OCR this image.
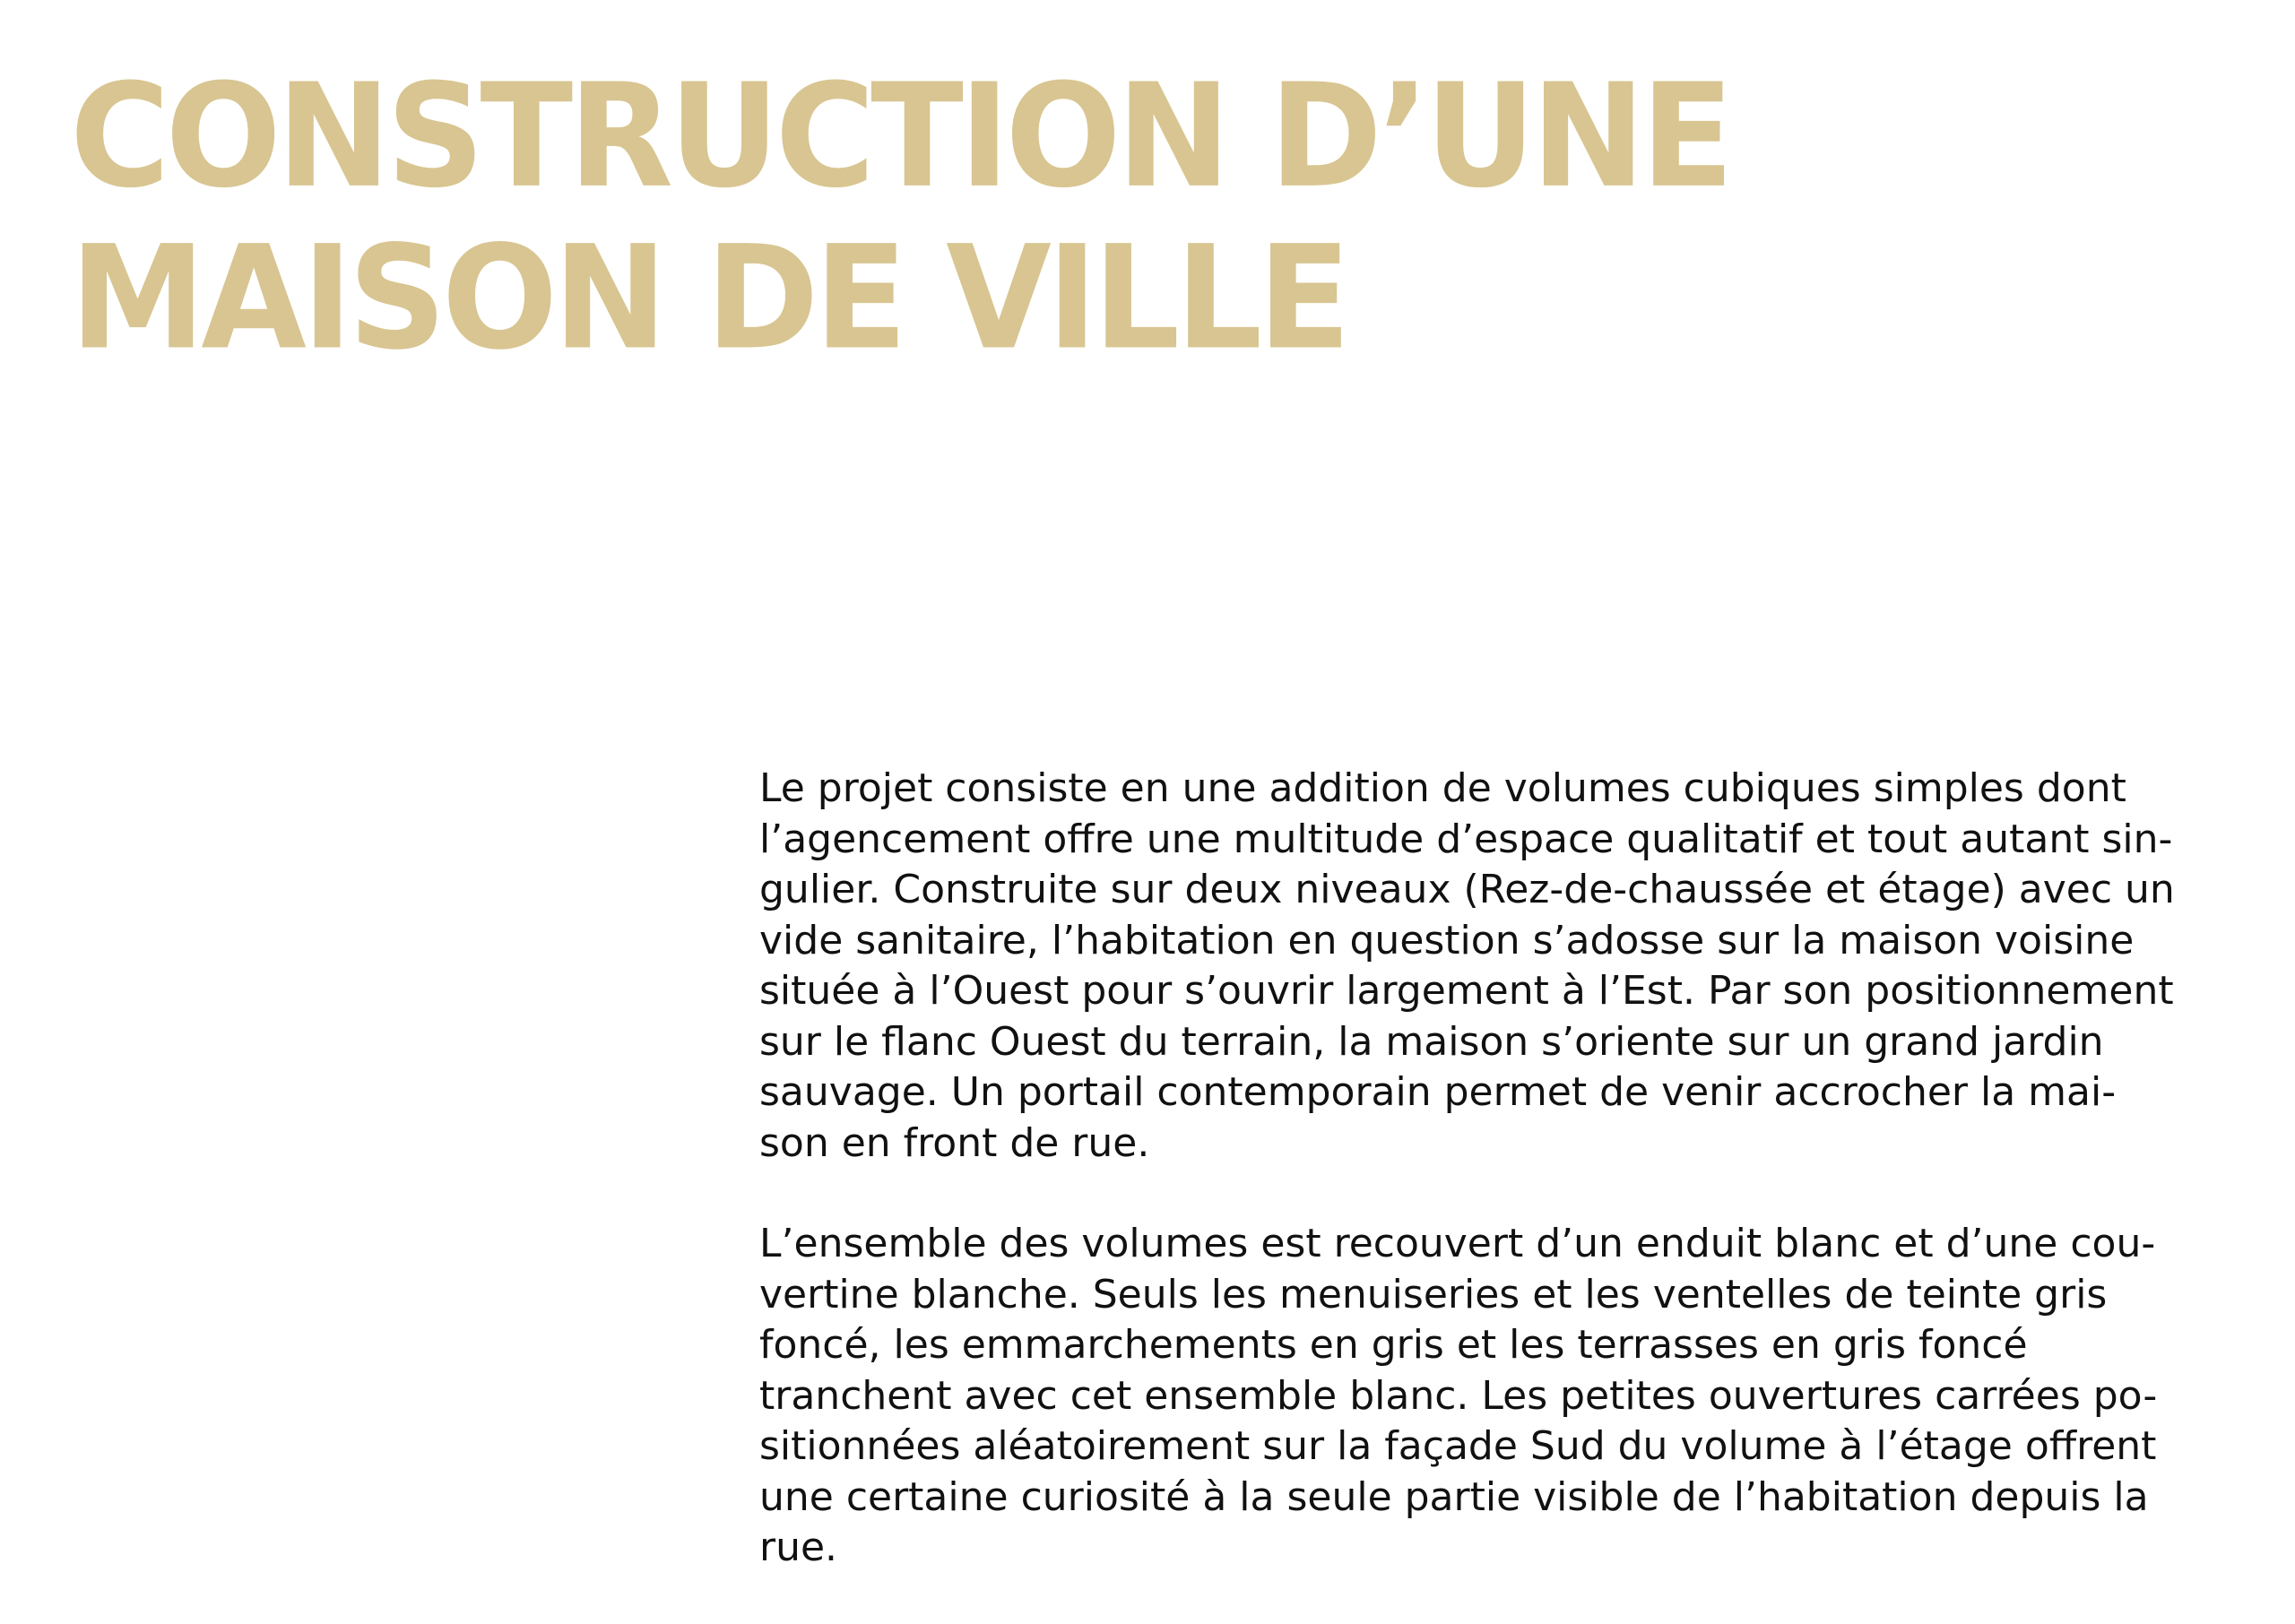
CONSTRUCTION D’UNE
MAISON DE VILLE

Le projet consiste en une addition de volumes cubiques simples dont
l’agencement offre une multitude d’espace qualitatif et tout autant sin-
gulier. Construite sur deux niveaux (Rez-de-chaussée et étage) avec un
vide sanitaire, l’habitation en question s’adosse sur la maison voisine
située à l’Ouest pour s’ouvrir largement à l’Est. Par son positionnement
sur le flanc Ouest du terrain, la maison s’oriente sur un grand jardin
sauvage. Un portail contemporain permet de venir accrocher la mai-
son en front de rue.

L’ensemble des volumes est recouvert d’un enduit blanc et d’une cou-
vertine blanche. Seuls les menuiseries et les ventelles de teinte gris
foncé, les emmarchements en gris et les terrasses en gris foncé
tranchent avec cet ensemble blanc. Les petites ouvertures carrées po-
sitionnées aléatoirement sur la façade Sud du volume à l’étage offrent
une certaine curiosité à la seule partie visible de l’habitation depuis la
rue.
